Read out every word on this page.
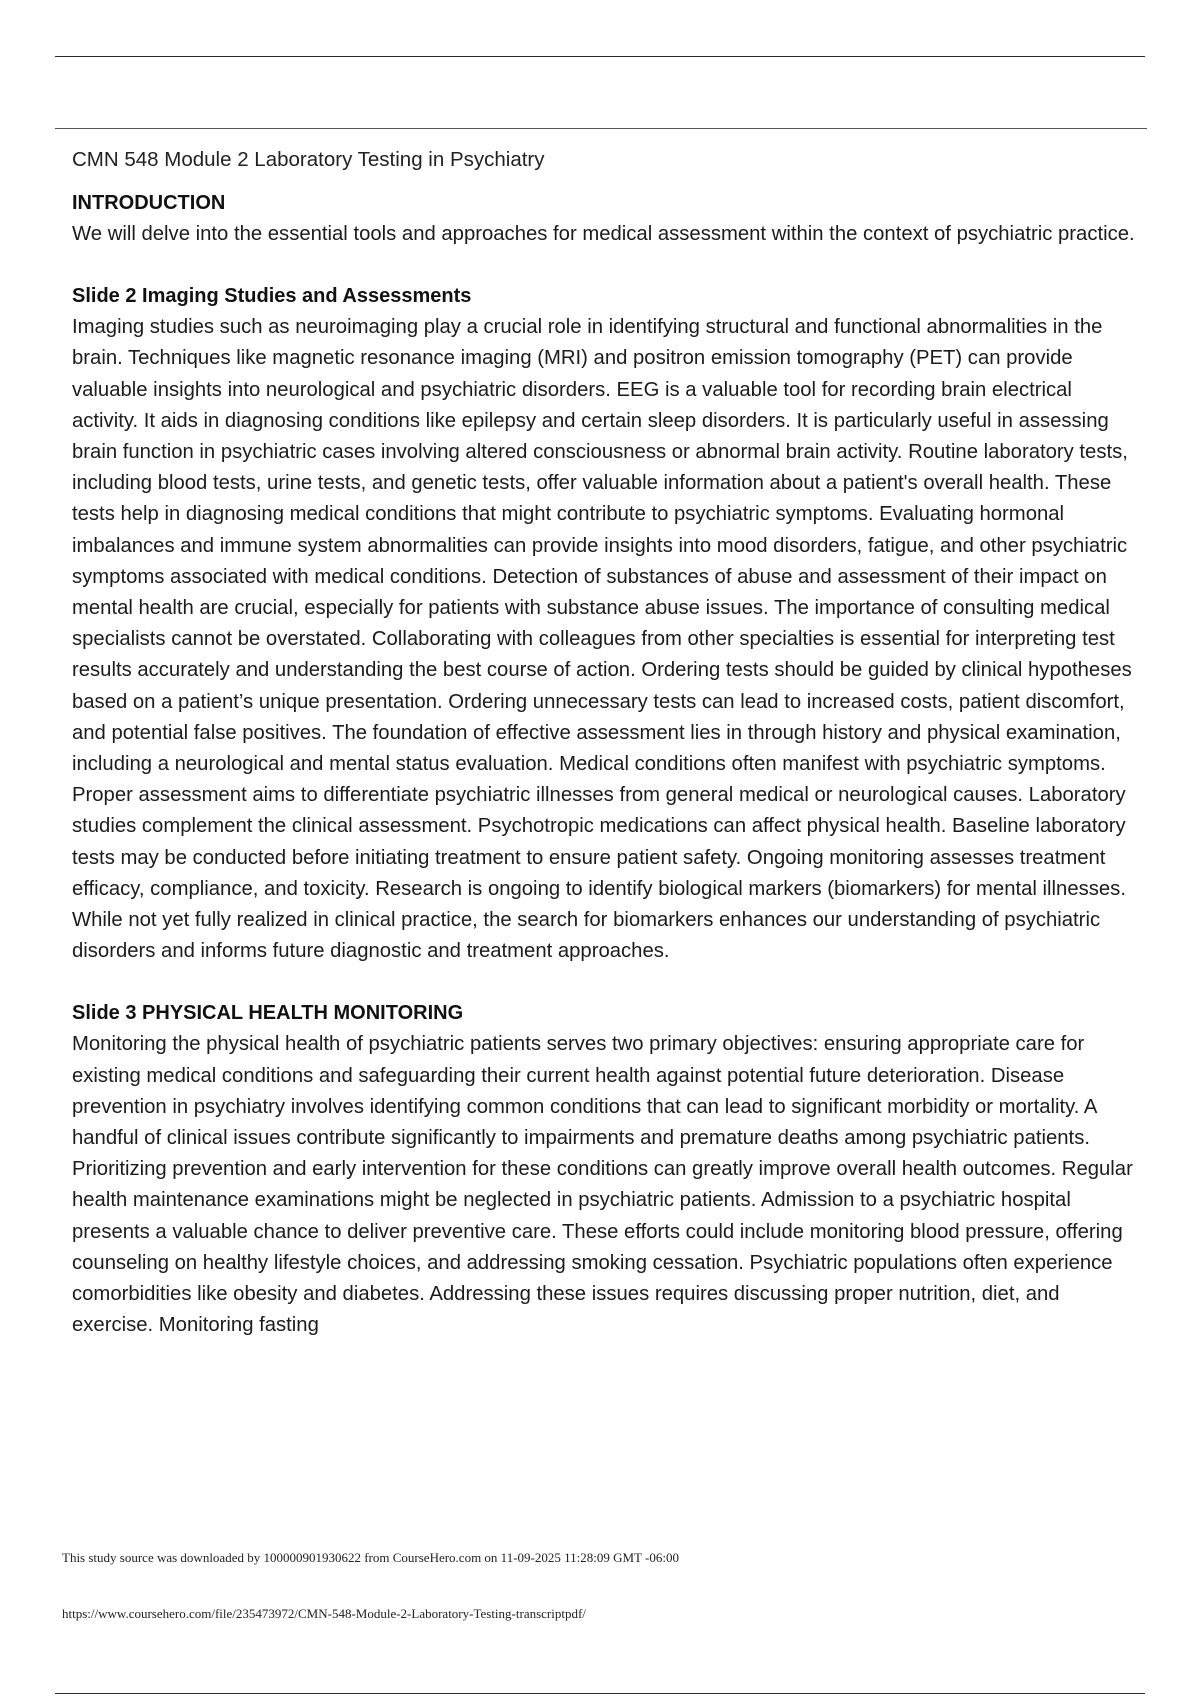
CMN 548 Module 2 Laboratory Testing in Psychiatry

INTRODUCTION

We will delve into the essential tools and approaches for medical assessment within the context of psychiatric practice.

Slide 2 Imaging Studies and Assessments

Imaging studies such as neuroimaging play a crucial role in identifying structural and functional abnormalities in the brain. Techniques like magnetic resonance imaging (MRI) and positron emission tomography (PET) can provide valuable insights into neurological and psychiatric disorders. EEG is a valuable tool for recording brain electrical activity. It aids in diagnosing conditions like epilepsy and certain sleep disorders. It is particularly useful in assessing brain function in psychiatric cases involving altered consciousness or abnormal brain activity. Routine laboratory tests, including blood tests, urine tests, and genetic tests, offer valuable information about a patient's overall health. These tests help in diagnosing medical conditions that might contribute to psychiatric symptoms. Evaluating hormonal imbalances and immune system abnormalities can provide insights into mood disorders, fatigue, and other psychiatric symptoms associated with medical conditions. Detection of substances of abuse and assessment of their impact on mental health are crucial, especially for patients with substance abuse issues. The importance of consulting medical specialists cannot be overstated. Collaborating with colleagues from other specialties is essential for interpreting test results accurately and understanding the best course of action. Ordering tests should be guided by clinical hypotheses based on a patient’s unique presentation. Ordering unnecessary tests can lead to increased costs, patient discomfort, and potential false positives. The foundation of effective assessment lies in through history and physical examination, including a neurological and mental status evaluation. Medical conditions often manifest with psychiatric symptoms. Proper assessment aims to differentiate psychiatric illnesses from general medical or neurological causes. Laboratory studies complement the clinical assessment. Psychotropic medications can affect physical health. Baseline laboratory tests may be conducted before initiating treatment to ensure patient safety. Ongoing monitoring assesses treatment efficacy, compliance, and toxicity. Research is ongoing to identify biological markers (biomarkers) for mental illnesses. While not yet fully realized in clinical practice, the search for biomarkers enhances our understanding of psychiatric disorders and informs future diagnostic and treatment approaches.

Slide 3 PHYSICAL HEALTH MONITORING

Monitoring the physical health of psychiatric patients serves two primary objectives: ensuring appropriate care for existing medical conditions and safeguarding their current health against potential future deterioration. Disease prevention in psychiatry involves identifying common conditions that can lead to significant morbidity or mortality. A handful of clinical issues contribute significantly to impairments and premature deaths among psychiatric patients. Prioritizing prevention and early intervention for these conditions can greatly improve overall health outcomes. Regular health maintenance examinations might be neglected in psychiatric patients. Admission to a psychiatric hospital presents a valuable chance to deliver preventive care. These efforts could include monitoring blood pressure, offering counseling on healthy lifestyle choices, and addressing smoking cessation. Psychiatric populations often experience comorbidities like obesity and diabetes. Addressing these issues requires discussing proper nutrition, diet, and exercise. Monitoring fasting

This study source was downloaded by 100000901930622 from CourseHero.com on 11-09-2025 11:28:09 GMT -06:00
https://www.coursehero.com/file/235473972/CMN-548-Module-2-Laboratory-Testing-transcriptpdf/
